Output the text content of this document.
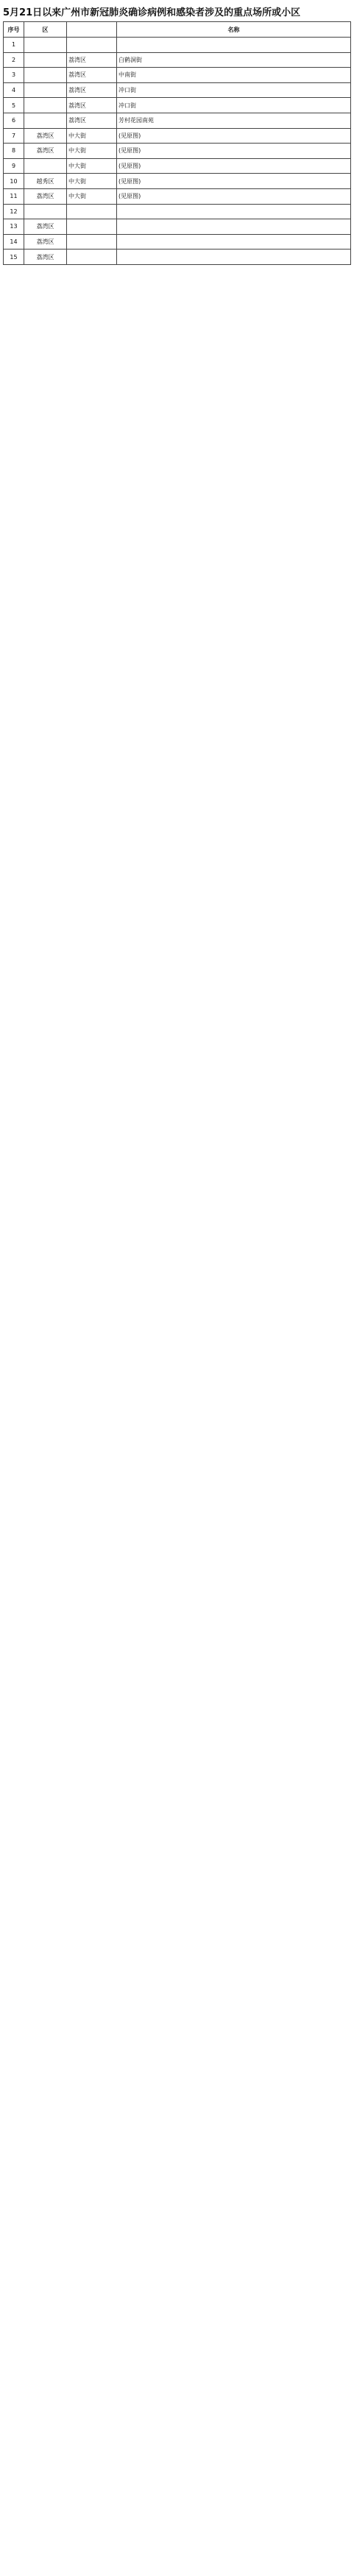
5月21日以来广州市新冠肺炎确诊病例和感染者涉及的重点场所或小区
序号	区		名称
1			
2		荔湾区	白鹤洞街
3		荔湾区	中南街
4		荔湾区	冲口街
5		荔湾区	冲口街
6		荔湾区	芳村花园南苑
7	荔湾区	中大街	(见原图)
8	荔湾区	中大街	(见原图)
9		中大街	(见原图)
10	越秀区	中大街	(见原图)
11	荔湾区	中大街	(见原图)
12			
13	荔湾区		
14	荔湾区		
15	荔湾区		
